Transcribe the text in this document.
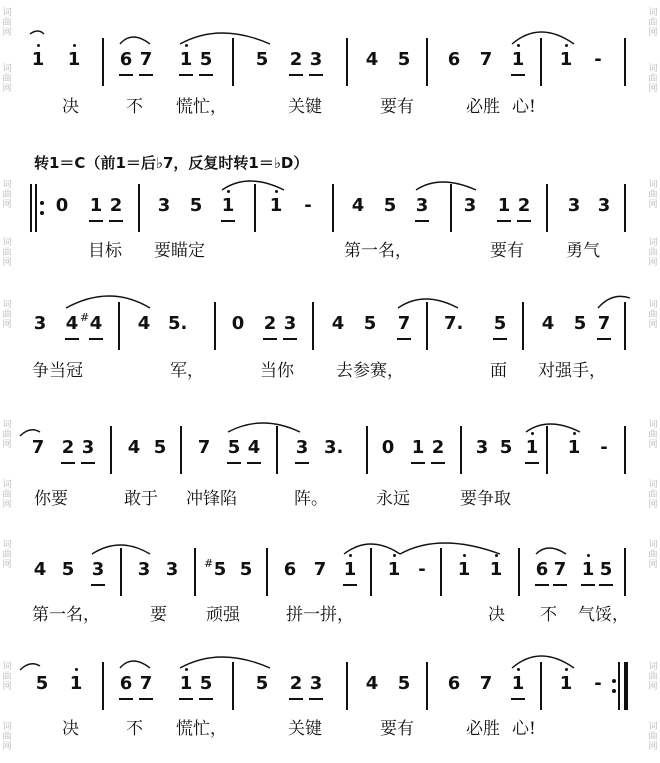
词曲网
词曲网
词曲网
词曲网
词曲网
词曲网
词曲网
词曲网
词曲网
词曲网
词曲网
词曲网
词曲网
词曲网
词曲网
词曲网
词曲网
词曲网
词曲网
词曲网
1 1 6 7 1 5 5 2 3 4 5 6 7 1 1 -
决	不 慌忙，	关键	要有	必胜 心!
转1＝C（前1＝后♭7，反复时转1＝♭D）
0 1 2 3 5 1 1 - 4 5 3 3 1 2 3 3
目标 要瞄定	第一名，	要有 勇气
3 4 # 4 4 5. 0 2 3 4 5 7 7. 5 4 5 7
争当冠	军，	当你 去参赛，	面 对强手，
7 2 3 4 5 7 5 4 3 3. 0 1 2 3 5 1 1 -
你要	敢于 冲锋陷	阵。	永远	要争取
4 5 3 3 3 # 5 5 6 7 1 1 - 1 1 6 7 1 5
第一名，	要 顽强	拼一拼，	决 不 气馁，
5 1 6 7 1 5 5 2 3 4 5 6 7 1 1 -
决	不 慌忙，	关键	要有	必胜 心!
